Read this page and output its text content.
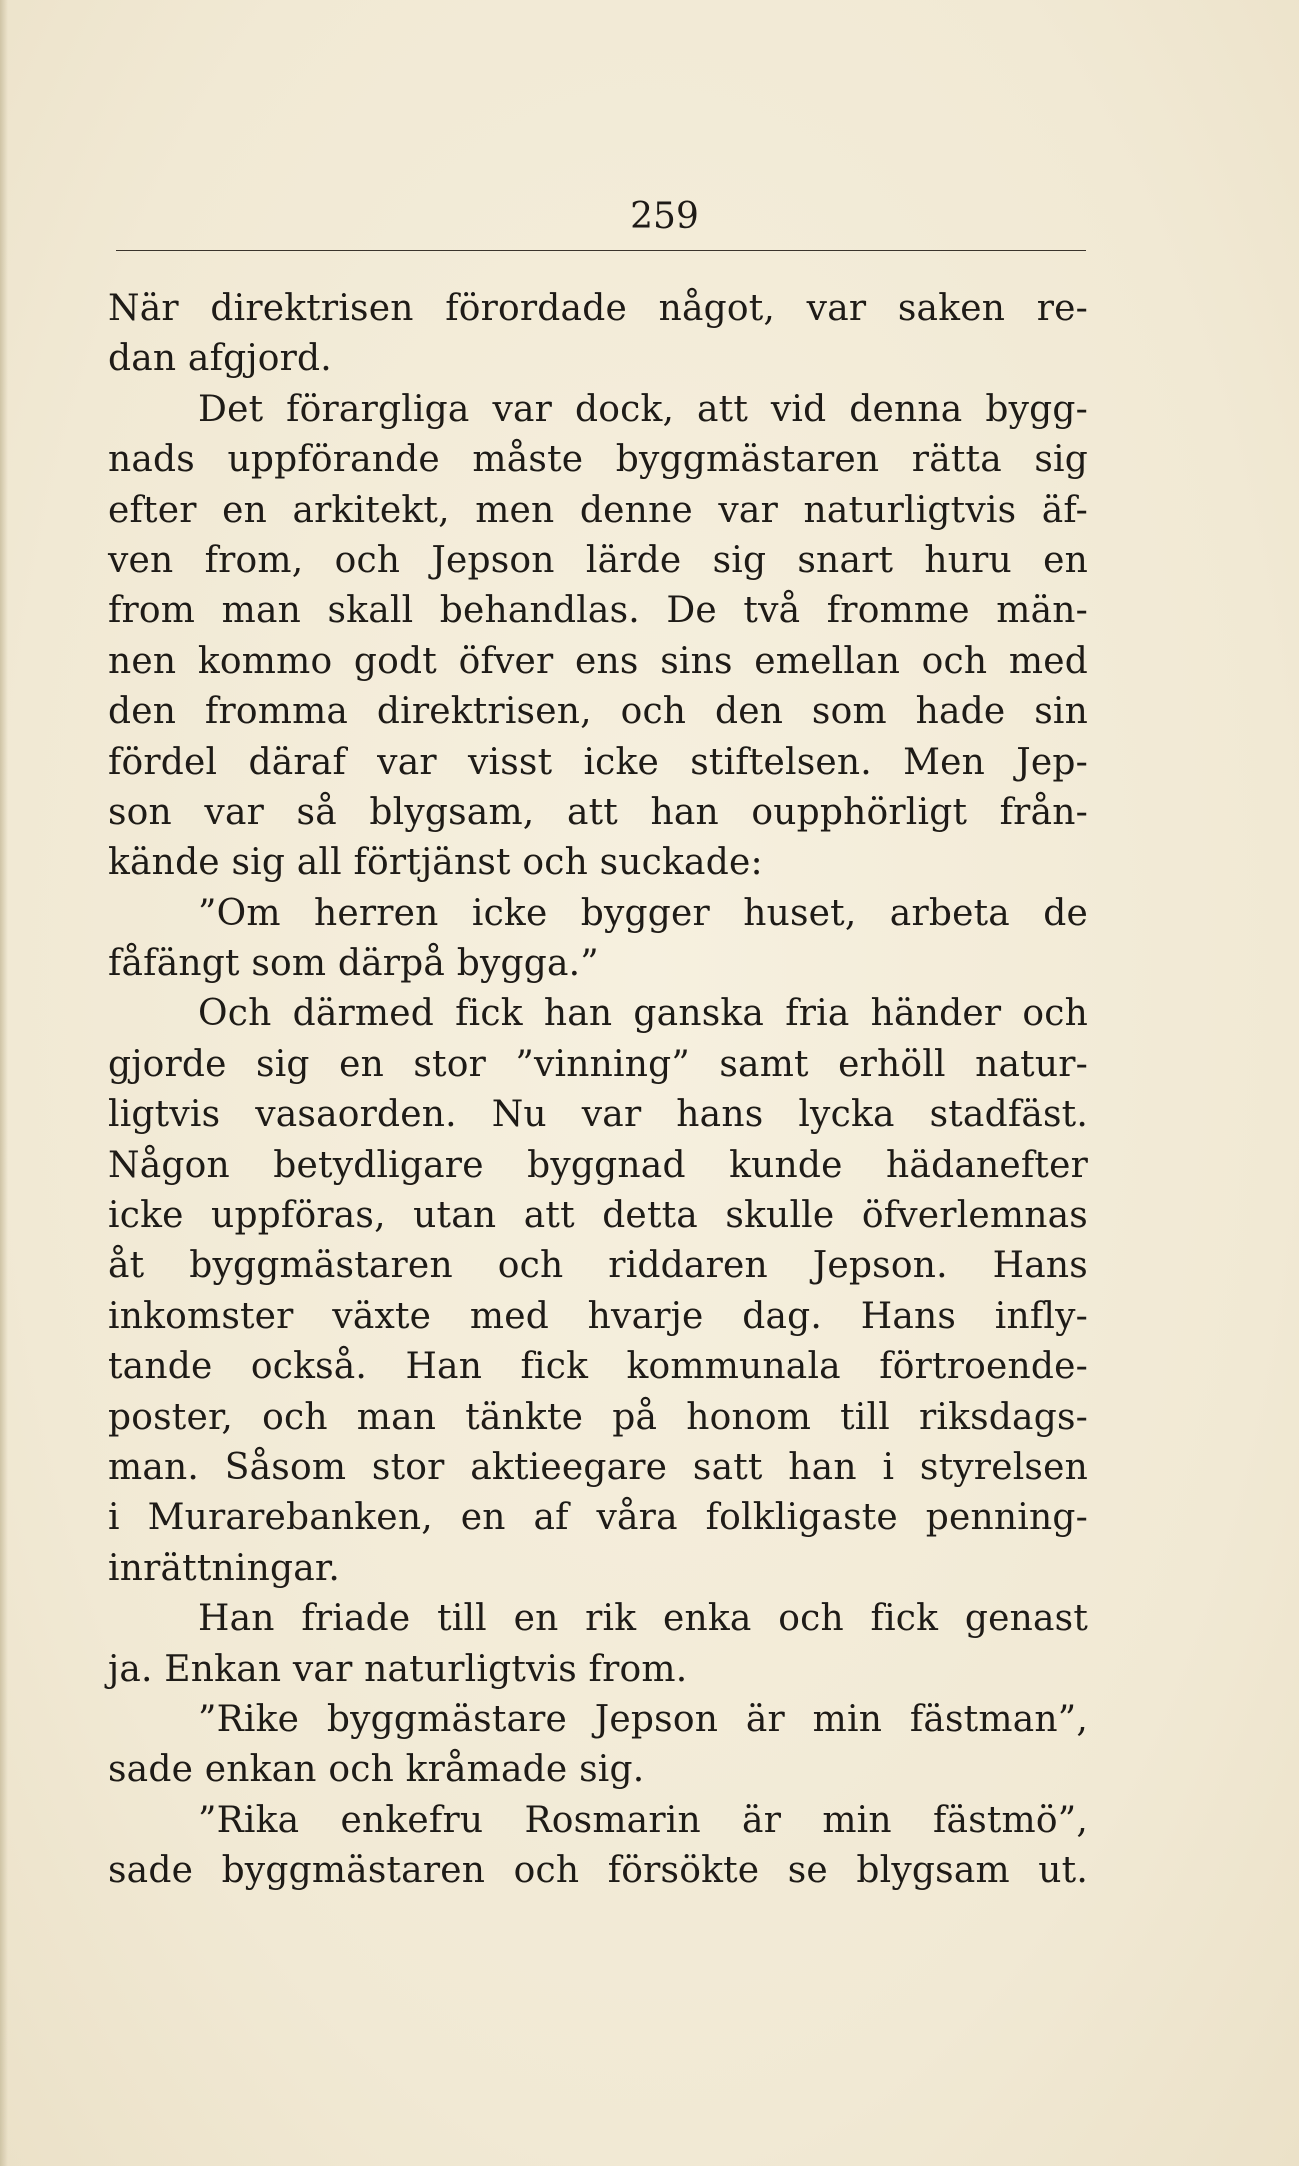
259
När direktrisen förordade något, var saken re-
dan afgjord.
Det förargliga var dock, att vid denna bygg-
nads uppförande måste byggmästaren rätta sig
efter en arkitekt, men denne var naturligtvis äf-
ven from, och Jepson lärde sig snart huru en
from man skall behandlas. De två fromme män-
nen kommo godt öfver ens sins emellan och med
den fromma direktrisen, och den som hade sin
fördel däraf var visst icke stiftelsen. Men Jep-
son var så blygsam, att han oupphörligt från-
kände sig all förtjänst och suckade:
”Om herren icke bygger huset, arbeta de
fåfängt som därpå bygga.”
Och därmed fick han ganska fria händer och
gjorde sig en stor ”vinning” samt erhöll natur-
ligtvis vasaorden. Nu var hans lycka stadfäst.
Någon betydligare byggnad kunde hädanefter
icke uppföras, utan att detta skulle öfverlemnas
åt byggmästaren och riddaren Jepson. Hans
inkomster växte med hvarje dag. Hans infly-
tande också. Han fick kommunala förtroende-
poster, och man tänkte på honom till riksdags-
man. Såsom stor aktieegare satt han i styrelsen
i Murarebanken, en af våra folkligaste penning-
inrättningar.
Han friade till en rik enka och fick genast
ja. Enkan var naturligtvis from.
”Rike byggmästare Jepson är min fästman”,
sade enkan och kråmade sig.
”Rika enkefru Rosmarin är min fästmö”,
sade byggmästaren och försökte se blygsam ut.
